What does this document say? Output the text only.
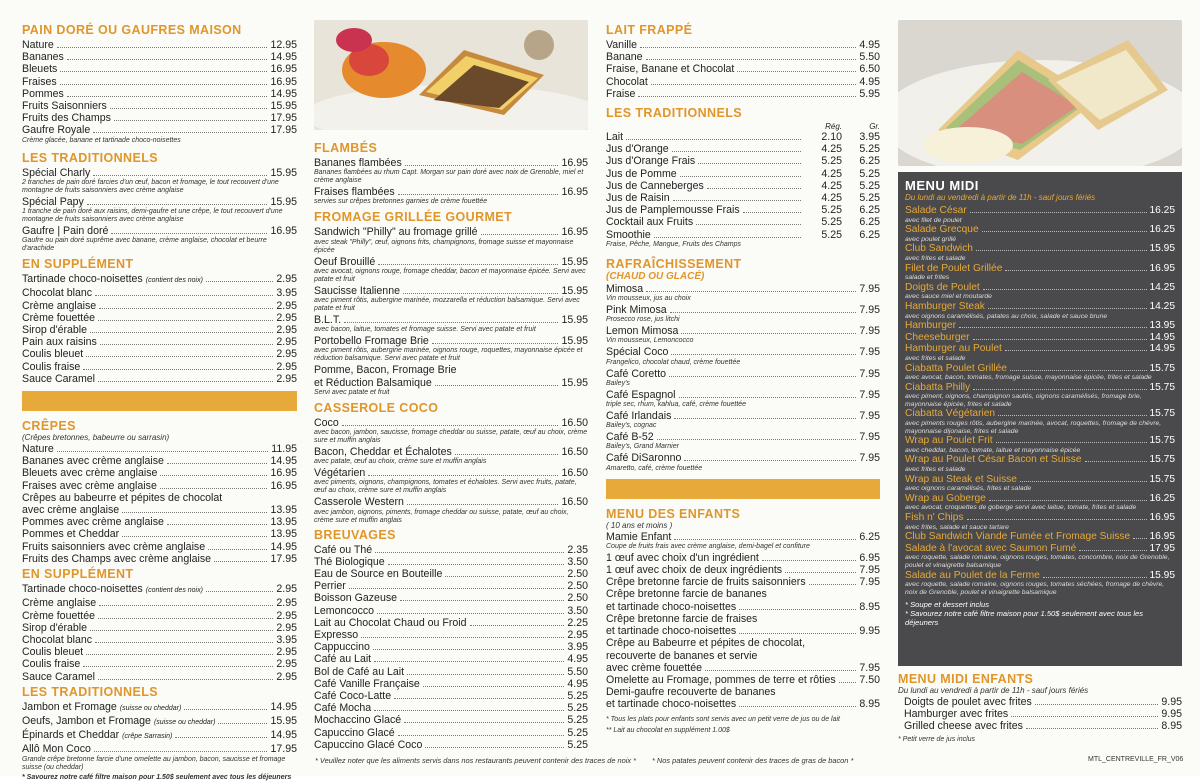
PAIN DORÉ OU GAUFRES MAISON
Nature	12.95
Bananes	14.95
Bleuets	16.95
Fraises	16.95
Pommes	14.95
Fruits Saisonniers	15.95
Fruits des Champs	17.95
Gaufre Royale	17.95
Crème glacée, banane et tartinade choco-noisettes
LES TRADITIONNELS
Spécial Charly	15.95
2 tranches de pain doré farcies d'un œuf, bacon et fromage, le tout recouvert d'une montagne de fruits saisonniers avec crème anglaise
Spécial Papy	15.95
1 tranche de pain doré aux raisins, demi-gaufre et une crêpe, le tout recouvert d'une montagne de fruits saisonniers avec crème anglaise
Gaufre | Pain doré	16.95
Gaufre ou pain doré suprême avec banane, crème anglaise, chocolat et beurre d'arachide
EN SUPPLÉMENT
Tartinade choco-noisettes (contient des noix)	2.95
Chocolat blanc	3.95
Crème anglaise	2.95
Crème fouettée	2.95
Sirop d'érable	2.95
Pain aux raisins	2.95
Coulis bleuet	2.95
Coulis fraise	2.95
Sauce Caramel	2.95
CRÊPES
(Crêpes bretonnes, babeurre ou sarrasin)
Nature	11.95
Bananes avec crème anglaise	14.95
Bleuets avec crème anglaise	16.95
Fraises avec crème anglaise	16.95
Crêpes au babeurre et pépites de chocolat
avec crème anglaise	13.95
Pommes avec crème anglaise	13.95
Pommes et Cheddar	13.95
Fruits saisonniers avec crème anglaise	14.95
Fruits des Champs avec crème anglaise	17.95
EN SUPPLÉMENT
Tartinade choco-noisettes (contient des noix)	2.95
Crème anglaise	2.95
Crème fouettée	2.95
Sirop d'érable	2.95
Chocolat blanc	3.95
Coulis bleuet	2.95
Coulis fraise	2.95
Sauce Caramel	2.95
LES TRADITIONNELS
Jambon et Fromage (suisse ou cheddar)	14.95
Oeufs, Jambon et Fromage (suisse ou cheddar)	15.95
Épinards et Cheddar (crêpe Sarrasin)	14.95
Allô Mon Coco	17.95
Grande crêpe bretonne farcie d'une omelette au jambon, bacon, saucisse et fromage suisse (ou cheddar)
* Savourez notre café filtre maison pour 1.50$ seulement avec tous les déjeuners
FLAMBÉS
Bananes flambées	16.95
Bananes flambées au rhum Capt. Morgan sur pain doré avec noix de Grenoble, miel et crème anglaise
Fraises flambées	16.95
servies sur crêpes bretonnes garnies de crème fouettée
FROMAGE GRILLÉE GOURMET
Sandwich "Philly" au fromage grillé	16.95
avec steak "Philly", œuf, oignons frits, champignons, fromage suisse et mayonnaise épicée
Oeuf Brouillé	15.95
avec avocat, oignons rouge, fromage cheddar, bacon et mayonnaise épicée. Servi avec patate et fruit
Saucisse Italienne	15.95
avec piment rôtis, aubergine marinée, mozzarella et réduction balsamique. Servi avec patate et fruit
B.L.T.	15.95
avec bacon, laitue, tomates et fromage suisse. Servi avec patate et fruit
Portobello Fromage Brie	15.95
avec piment rôtis, aubergine marinée, oignons rouge, roquettes, mayonnaise épicée et réduction balsamique. Servi avec patate et fruit
Pomme, Bacon, Fromage Brie
et Réduction Balsamique	15.95
Servi avec patate et fruit
CASSEROLE COCO
Coco	16.50
avec bacon, jambon, saucisse, fromage cheddar ou suisse, patate, œuf au choix, crème sure et muffin anglais
Bacon, Cheddar et Échalotes	16.50
avec patate, œuf au choix, crème sure et muffin anglais
Végétarien	16.50
avec piments, oignons, champignons, tomates et échalotes. Servi avec fruits, patate, œuf au choix, crème sure et muffin anglais
Casserole Western	16.50
avec jambon, oignons, piments, fromage cheddar ou suisse, patate, œuf au choix, crème sure et muffin anglais
BREUVAGES
Café ou Thé	2.35
Thé Biologique	3.50
Eau de Source en Bouteille	2.50
Perrier	2.50
Boisson Gazeuse	2.50
Lemoncocco	3.50
Lait au Chocolat Chaud ou Froid	2.25
Expresso	2.95
Cappuccino	3.95
Café au Lait	4.95
Bol de Café au Lait	5.50
Café Vanille Française	4.95
Café Coco-Latte	5.25
Café Mocha	5.25
Mochaccino Glacé	5.25
Capuccino Glacé	5.25
Capuccino Glacé Coco	5.25
LAIT FRAPPÉ
Vanille	4.95
Banane	5.50
Fraise, Banane et Chocolat	6.50
Chocolat	4.95
Fraise	5.95
LES TRADITIONNELS
Rég.	Gr.
Lait	2.10	3.95
Jus d'Orange	4.25	5.25
Jus d'Orange Frais	5.25	6.25
Jus de Pomme	4.25	5.25
Jus de Canneberges	4.25	5.25
Jus de Raisin	4.25	5.25
Jus de Pamplemousse Frais	5.25	6.25
Cocktail aux Fruits	5.25	6.25
Smoothie	5.25	6.25
Fraise, Pêche, Mangue, Fruits des Champs
RAFRAÎCHISSEMENT
(CHAUD OU GLACÉ)
Mimosa	7.95
Vin mousseux, jus au choix
Pink Mimosa	7.95
Prosecco rose, jus litchi
Lemon Mimosa	7.95
Vin mousseux, Lemoncocco
Spécial Coco	7.95
Frangelico, chocolat chaud, crème fouettée
Café Coretto	7.95
Bailey's
Café Espagnol	7.95
triple sec, rhum, kahlua, café, crème fouettée
Café Irlandais	7.95
Bailey's, cognac
Café B-52	7.95
Bailey's, Grand Marnier
Café DiSaronno	7.95
Amaretto, café, crème fouettée
MENU DES ENFANTS
( 10 ans et moins )
Mamie Enfant	6.25
Coupe de fruits frais avec crème anglaise, demi-bagel et confiture
1 œuf avec choix d'un ingrédient	6.95
1 œuf avec choix de deux ingrédients	7.95
Crêpe bretonne farcie de fruits saisonniers	7.95
Crêpe bretonne farcie de bananes
et tartinade choco-noisettes	8.95
Crêpe bretonne farcie de fraises
et tartinade choco-noisettes	9.95
Crêpe au Babeurre et pépites de chocolat,
recouverte de bananes et servie
avec crème fouettée	7.95
Omelette au Fromage, pommes de terre et rôties 7.50
Demi-gaufre recouverte de bananes
et tartinade choco-noisettes	8.95
* Tous les plats pour enfants sont servis avec un petit verre de jus ou de lait
** Lait au chocolat en supplément 1.00$
MENU MIDI
Du lundi au vendredi à partir de 11h - sauf jours fériés
Salade César	16.25
avec filet de poulet
Salade Grecque	16.25
avec poulet grillé
Club Sandwich	15.95
avec frites et salade
Filet de Poulet Grillée	16.95
salade et frites
Doigts de Poulet	14.25
avec sauce miel et moutarde
Hamburger Steak	14.25
avec oignons caramélisés, patates au choix, salade et sauce brune
Hamburger	13.95
Cheeseburger	14.95
Hamburger au Poulet	14.95
avec frites et salade
Ciabatta Poulet Grillée	15.75
avec avocat, bacon, tomates, fromage suisse, mayonnaise épicée, frites et salade
Ciabatta Philly	15.75
avec piment, oignons, champignon sautés, oignons caramélisés, fromage brie, mayonnaise épicée, frites et salade
Ciabatta Végétarien	15.75
avec piments rouges rôtis, aubergine marinée, avocat, roquettes, fromage de chèvre, mayonnaise dijonaise, frites et salade
Wrap au Poulet Frit	15.75
avec cheddar, bacon, tomate, laitue et mayonnaise épicée
Wrap au Poulet César Bacon et Suisse	15.75
avec frites et salade
Wrap au Steak et Suisse	15.75
avec oignons caramélisés, frites et salade
Wrap au Goberge	16.25
avec avocat, croquettes de goberge servi avec laitue, tomate, frites et salade
Fish n' Chips	16.95
avec frites, salade et sauce tartare
Club Sandwich Viande Fumée et Fromage Suisse 16.95
Salade à l'avocat avec Saumon Fumé	17.95
avec roquette, salade romaine, oignons rouges, tomates, concombre, noix de Grenoble, poulet et vinaigrette balsamique
Salade au Poulet de la Ferme	15.95
avec roquette, salade romaine, oignons rouges, tomates séchées, fromage de chèvre, noix de Grenoble, poulet et vinaigrette balsamique
* Soupe et dessert inclus
* Savourez notre café filtre maison pour 1.50$ seulement avec tous les déjeuners
MENU MIDI ENFANTS
Du lundi au vendredi à partir de 11h - sauf jours fériés
Doigts de poulet avec frites	9.95
Hamburger avec frites	9.95
Grilled cheese avec frites	8.95
* Petit verre de jus inclus
* Veuillez noter que les aliments servis dans nos restaurants peuvent contenir des traces de noix * * Nos patates peuvent contenir des traces de gras de bacon *	MTL_CENTREVILLE_FR_V06
